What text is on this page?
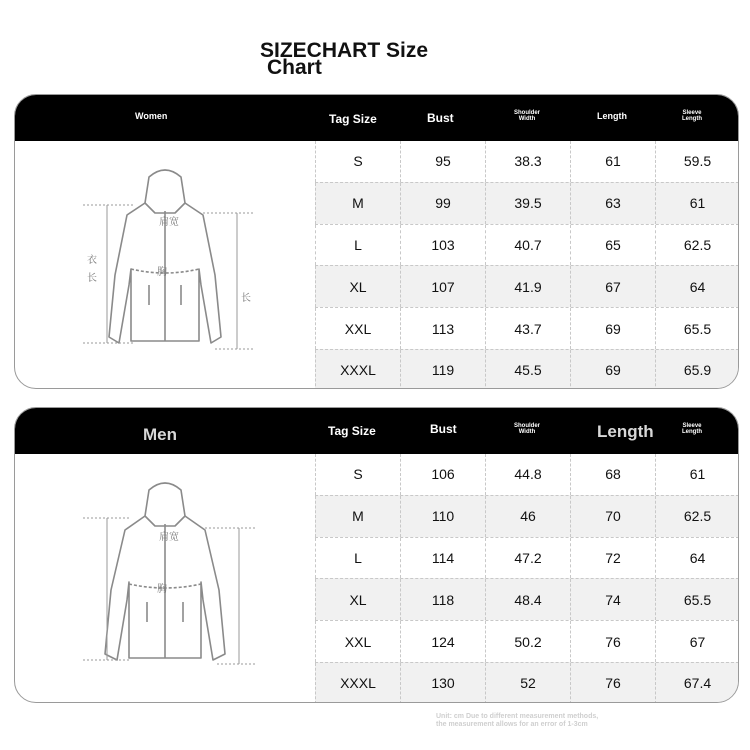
SIZECHART Size
Chart
Women	Tag Size	Bust	Shoulder Width	Length	Sleeve Length
肩宽
胸
衣
长
长
S	95	38.3	61	59.5
M	99	39.5	63	61
L	103	40.7	65	62.5
XL	107	41.9	67	64
XXL	113	43.7	69	65.5
XXXL	119	45.5	69	65.9
Men	Tag Size	Bust	Shoulder Width	Length	Sleeve Length
肩宽
胸
S	106	44.8	68	61
M	110	46	70	62.5
L	114	47.2	72	64
XL	118	48.4	74	65.5
XXL	124	50.2	76	67
XXXL	130	52	76	67.4
Unit: cm Due to different measurement methods,
the measurement allows for an error of 1-3cm
